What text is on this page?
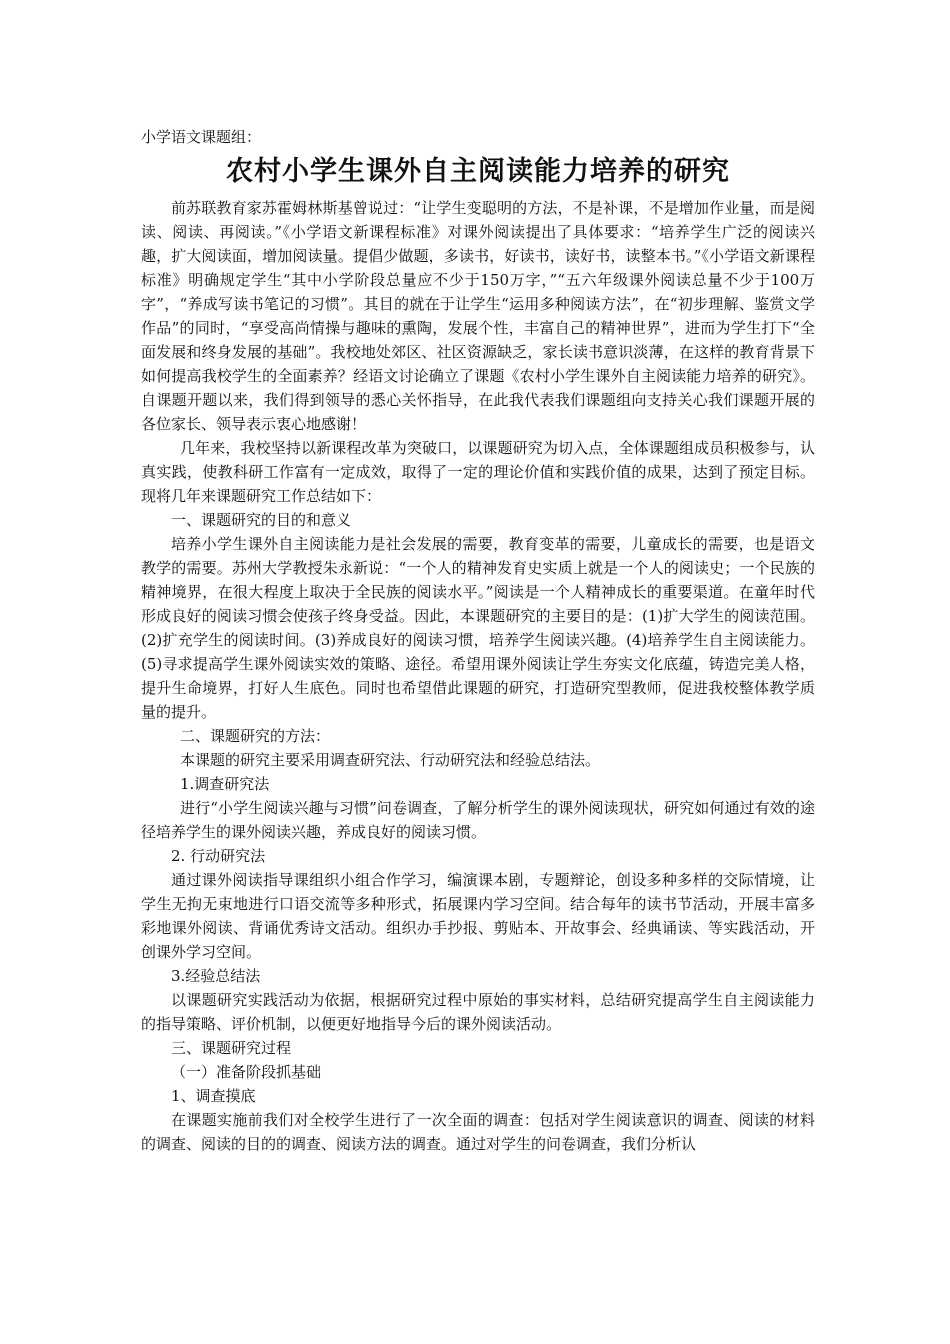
小学语文课题组：

农村小学生课外自主阅读能力培养的研究

前苏联教育家苏霍姆林斯基曾说过：“让学生变聪明的方法，不是补课，不是增加作业量，而是阅读、阅读、再阅读。”《小学语文新课程标准》对课外阅读提出了具体要求：“培养学生广泛的阅读兴趣，扩大阅读面，增加阅读量。提倡少做题，多读书，好读书，读好书，读整本书。”《小学语文新课程标准》明确规定学生“其中小学阶段总量应不少于150万字，”“五六年级课外阅读总量不少于100万字”，“养成写读书笔记的习惯”。其目的就在于让学生“运用多种阅读方法”，在“初步理解、鉴赏文学作品”的同时，“享受高尚情操与趣味的熏陶，发展个性，丰富自己的精神世界”，进而为学生打下“全面发展和终身发展的基础”。我校地处郊区、社区资源缺乏，家长读书意识淡薄，在这样的教育背景下如何提高我校学生的全面素养？经语文讨论确立了课题《农村小学生课外自主阅读能力培养的研究》。自课题开题以来，我们得到领导的悉心关怀指导，在此我代表我们课题组向支持关心我们课题开展的各位家长、领导表示衷心地感谢！

几年来，我校坚持以新课程改革为突破口，以课题研究为切入点，全体课题组成员积极参与，认真实践，使教科研工作富有一定成效，取得了一定的理论价值和实践价值的成果，达到了预定目标。现将几年来课题研究工作总结如下：

一、课题研究的目的和意义

培养小学生课外自主阅读能力是社会发展的需要，教育变革的需要，儿童成长的需要，也是语文教学的需要。苏州大学教授朱永新说：“一个人的精神发育史实质上就是一个人的阅读史；一个民族的精神境界，在很大程度上取决于全民族的阅读水平。”阅读是一个人精神成长的重要渠道。在童年时代形成良好的阅读习惯会使孩子终身受益。因此，本课题研究的主要目的是：(1)扩大学生的阅读范围。(2)扩充学生的阅读时间。(3)养成良好的阅读习惯，培养学生阅读兴趣。(4)培养学生自主阅读能力。(5)寻求提高学生课外阅读实效的策略、途径。希望用课外阅读让学生夯实文化底蕴，铸造完美人格，提升生命境界，打好人生底色。同时也希望借此课题的研究，打造研究型教师，促进我校整体教学质量的提升。

二、课题研究的方法：

本课题的研究主要采用调查研究法、行动研究法和经验总结法。

1.调查研究法

进行“小学生阅读兴趣与习惯”问卷调查，了解分析学生的课外阅读现状，研究如何通过有效的途径培养学生的课外阅读兴趣，养成良好的阅读习惯。

2. 行动研究法

通过课外阅读指导课组织小组合作学习，编演课本剧，专题辩论，创设多种多样的交际情境，让学生无拘无束地进行口语交流等多种形式，拓展课内学习空间。结合每年的读书节活动，开展丰富多彩地课外阅读、背诵优秀诗文活动。组织办手抄报、剪贴本、开故事会、经典诵读、等实践活动，开创课外学习空间。

3.经验总结法

以课题研究实践活动为依据，根据研究过程中原始的事实材料，总结研究提高学生自主阅读能力的指导策略、评价机制，以便更好地指导今后的课外阅读活动。

三、课题研究过程

（一）准备阶段抓基础

1、调查摸底

在课题实施前我们对全校学生进行了一次全面的调查：包括对学生阅读意识的调查、阅读的材料的调查、阅读的目的的调查、阅读方法的调查。通过对学生的问卷调查，我们分析认
